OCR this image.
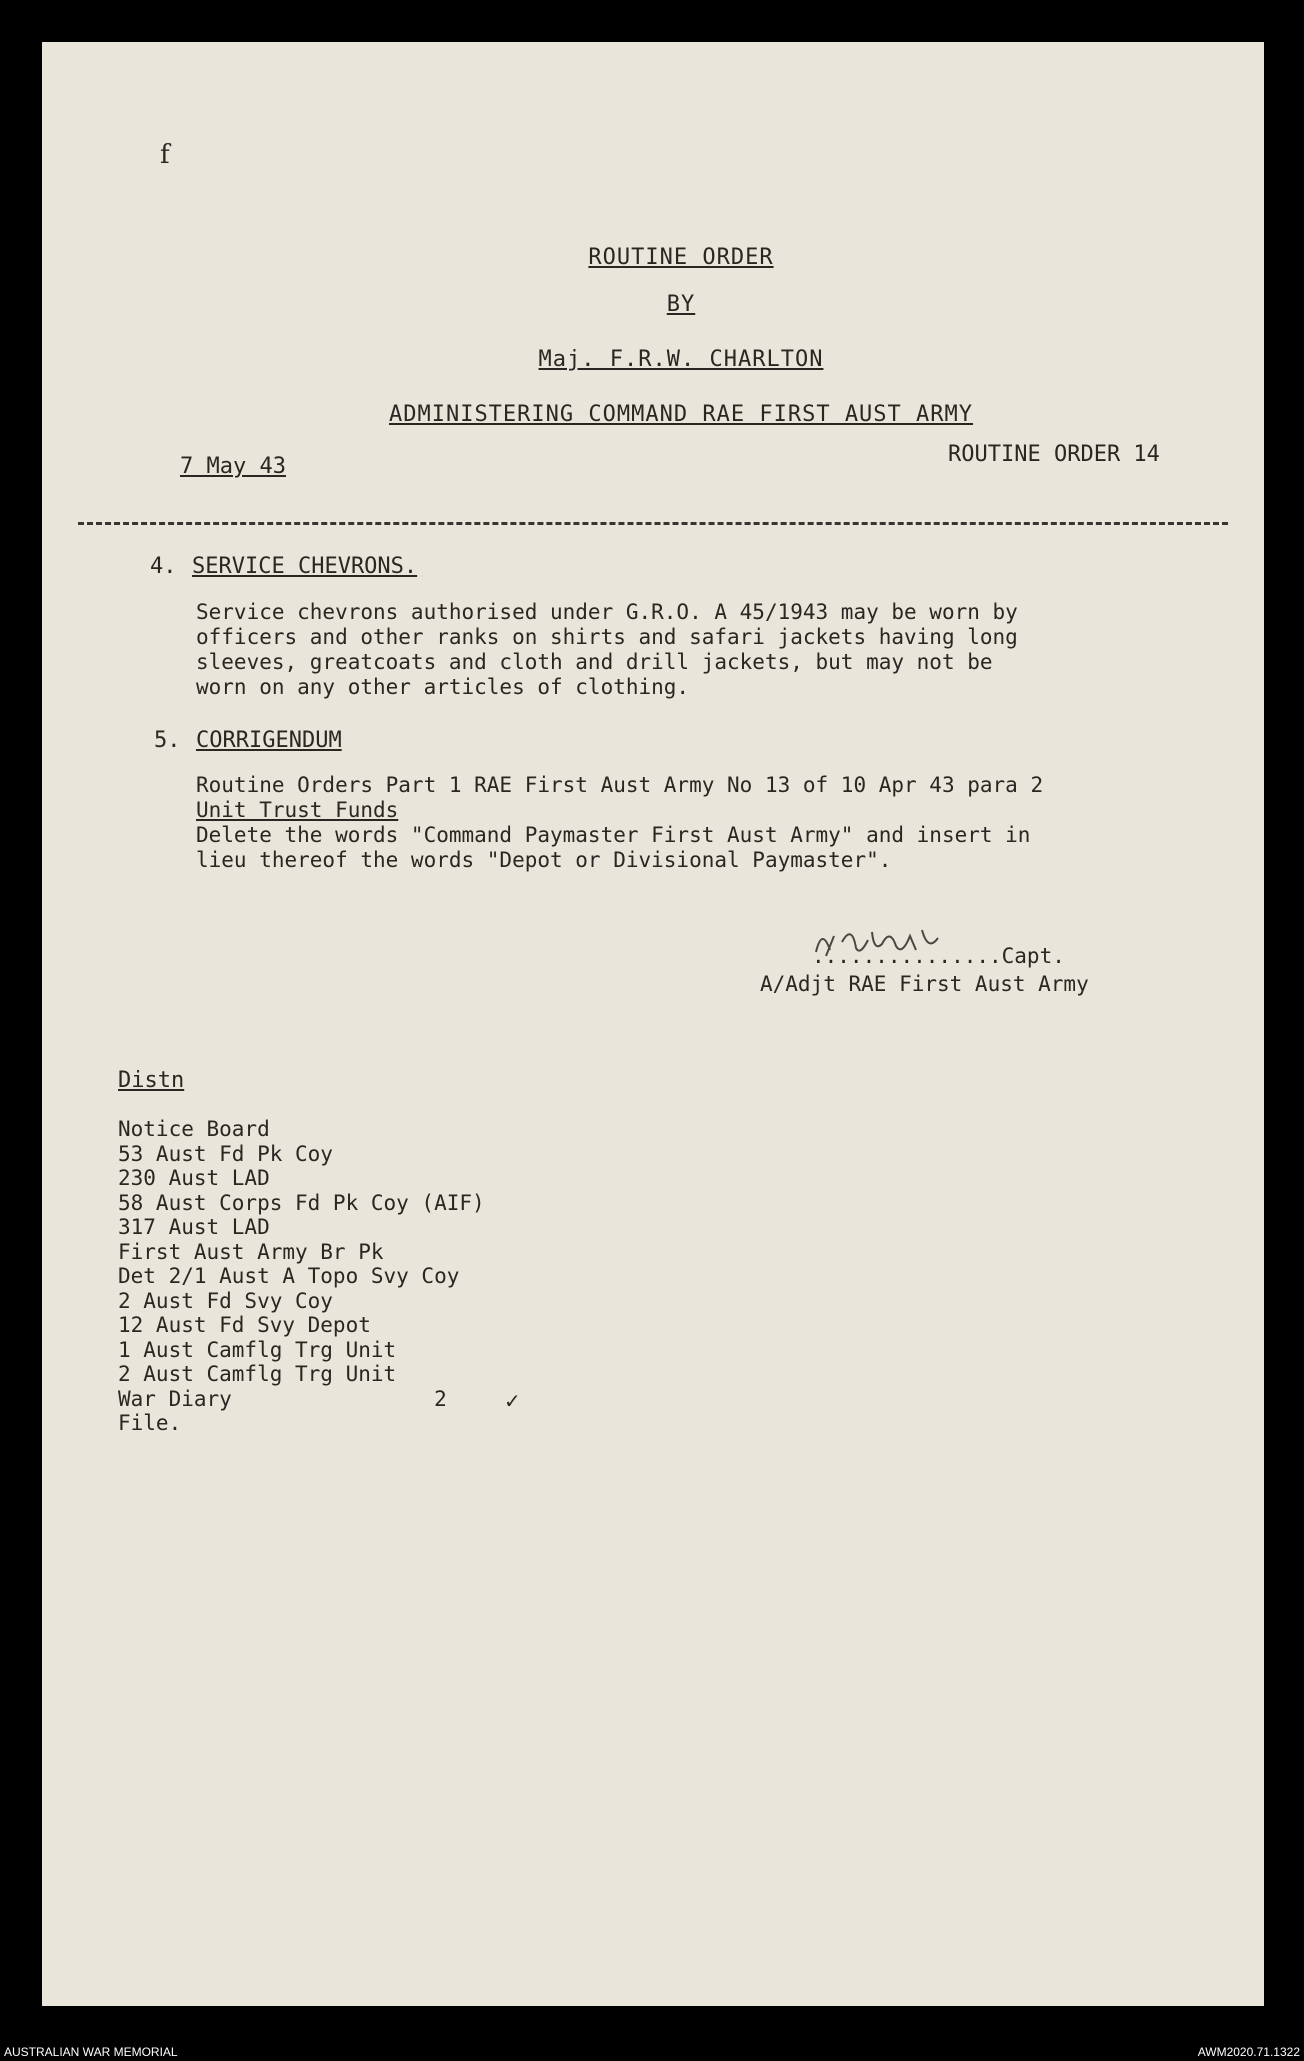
f
ROUTINE ORDER
BY
Maj. F.R.W. CHARLTON
ADMINISTERING COMMAND RAE FIRST AUST ARMY
7 May 43	ROUTINE ORDER 14
4. SERVICE CHEVRONS.
Service chevrons authorised under G.R.O. A 45/1943 may be worn by
officers and other ranks on shirts and safari jackets having long
sleeves, greatcoats and cloth and drill jackets, but may not be
worn on any other articles of clothing.
5. CORRIGENDUM
Routine Orders Part 1 RAE First Aust Army No 13 of 10 Apr 43 para 2
Unit Trust Funds
Delete the words "Command Paymaster First Aust Army" and insert in
lieu thereof the words "Depot or Divisional Paymaster".
...............Capt.
A/Adjt RAE First Aust Army
Distn
Notice Board
53 Aust Fd Pk Coy
230 Aust LAD
58 Aust Corps Fd Pk Coy (AIF)
317 Aust LAD
First Aust Army Br Pk
Det 2/1 Aust A Topo Svy Coy
2 Aust Fd Svy Coy
12 Aust Fd Svy Depot
1 Aust Camflg Trg Unit
2 Aust Camflg Trg Unit
War Diary                2
File.
✓
AUSTRALIAN WAR MEMORIAL	AWM2020.71.1322
